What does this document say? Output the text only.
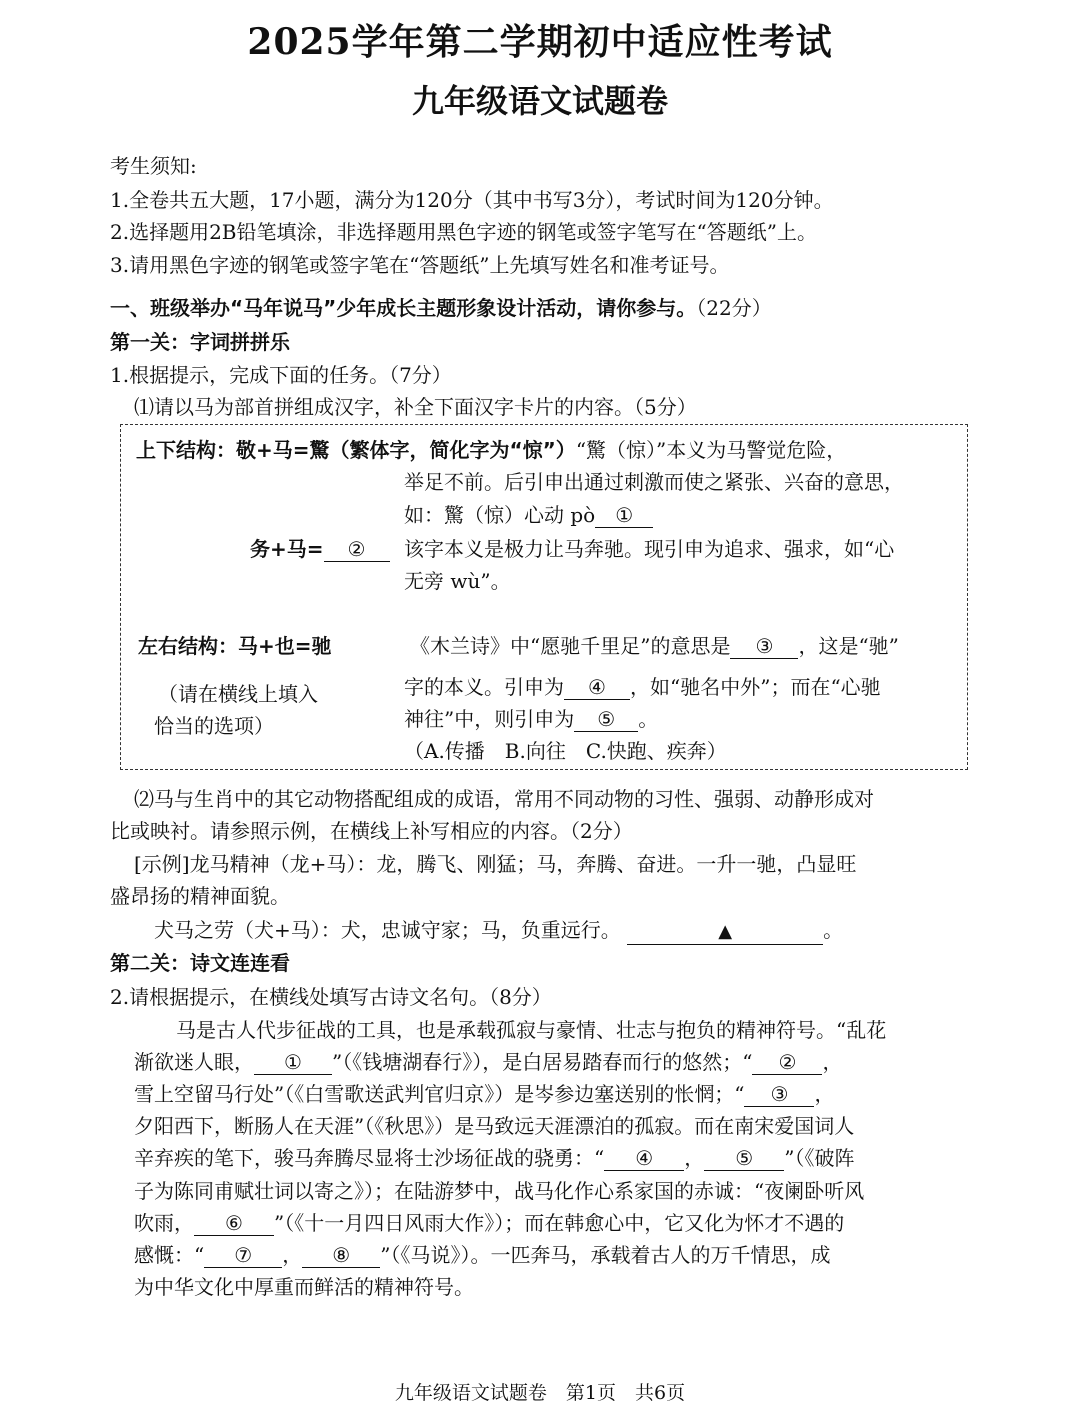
2025学年第二学期初中适应性考试
九年级语文试题卷
考生须知:
1.全卷共五大题，17小题，满分为120分（其中书写3分），考试时间为120分钟。
2.选择题用2B铅笔填涂，非选择题用黑色字迹的钢笔或签字笔写在“答题纸”上。
3.请用黑色字迹的钢笔或签字笔在“答题纸”上先填写姓名和准考证号。
一、班级举办“马年说马”少年成长主题形象设计活动，请你参与。（22分）
第一关：字词拼拼乐
1.根据提示，完成下面的任务。（7分）
⑴请以马为部首拼组成汉字，补全下面汉字卡片的内容。（5分）
上下结构：敬+马=驚（繁体字，简化字为“惊”）“驚（惊）”本义为马警觉危险，
举足不前。后引申出通过刺激而使之紧张、兴奋的意思，
如：驚（惊）心动 pò ①
务+马= ②	该字本义是极力让马奔驰。现引申为追求、强求，如“心
无旁 wù”。
左右结构：马+也=驰	《木兰诗》中“愿驰千里足”的意思是 ③ ，这是“驰”
字的本义。引申为 ④ ，如“驰名中外”；而在“心驰
神往”中，则引申为 ⑤ 。
（请在横线上填入
恰当的选项）
（A.传播　B.向往　C.快跑、疾奔）
⑵马与生肖中的其它动物搭配组成的成语，常用不同动物的习性、强弱、动静形成对
比或映衬。请参照示例，在横线上补写相应的内容。（2分）
[示例]龙马精神（龙+马）：龙，腾飞、刚猛；马，奔腾、奋进。一升一驰，凸显旺
盛昂扬的精神面貌。
犬马之劳（犬+马）：犬，忠诚守家；马，负重远行。	▲	。
第二关：诗文连连看
2.请根据提示，在横线处填写古诗文名句。（8分）
马是古人代步征战的工具，也是承载孤寂与豪情、壮志与抱负的精神符号。“乱花
渐欲迷人眼， ① ”（《钱塘湖春行》），是白居易踏春而行的悠然；“ ② ，
雪上空留马行处”（《白雪歌送武判官归京》）是岑参边塞送别的怅惘；“ ③ ，
夕阳西下，断肠人在天涯”（《秋思》）是马致远天涯漂泊的孤寂。而在南宋爱国词人
辛弃疾的笔下，骏马奔腾尽显将士沙场征战的骁勇：“ ④ ， ⑤ ”（《破阵
子为陈同甫赋壮词以寄之》）；在陆游梦中，战马化作心系家国的赤诚：“夜阑卧听风
吹雨， ⑥ ”（《十一月四日风雨大作》）；而在韩愈心中，它又化为怀才不遇的
感慨：“ ⑦ ， ⑧ ”（《马说》）。一匹奔马，承载着古人的万千情思，成
为中华文化中厚重而鲜活的精神符号。
九年级语文试题卷　第1页　共6页
